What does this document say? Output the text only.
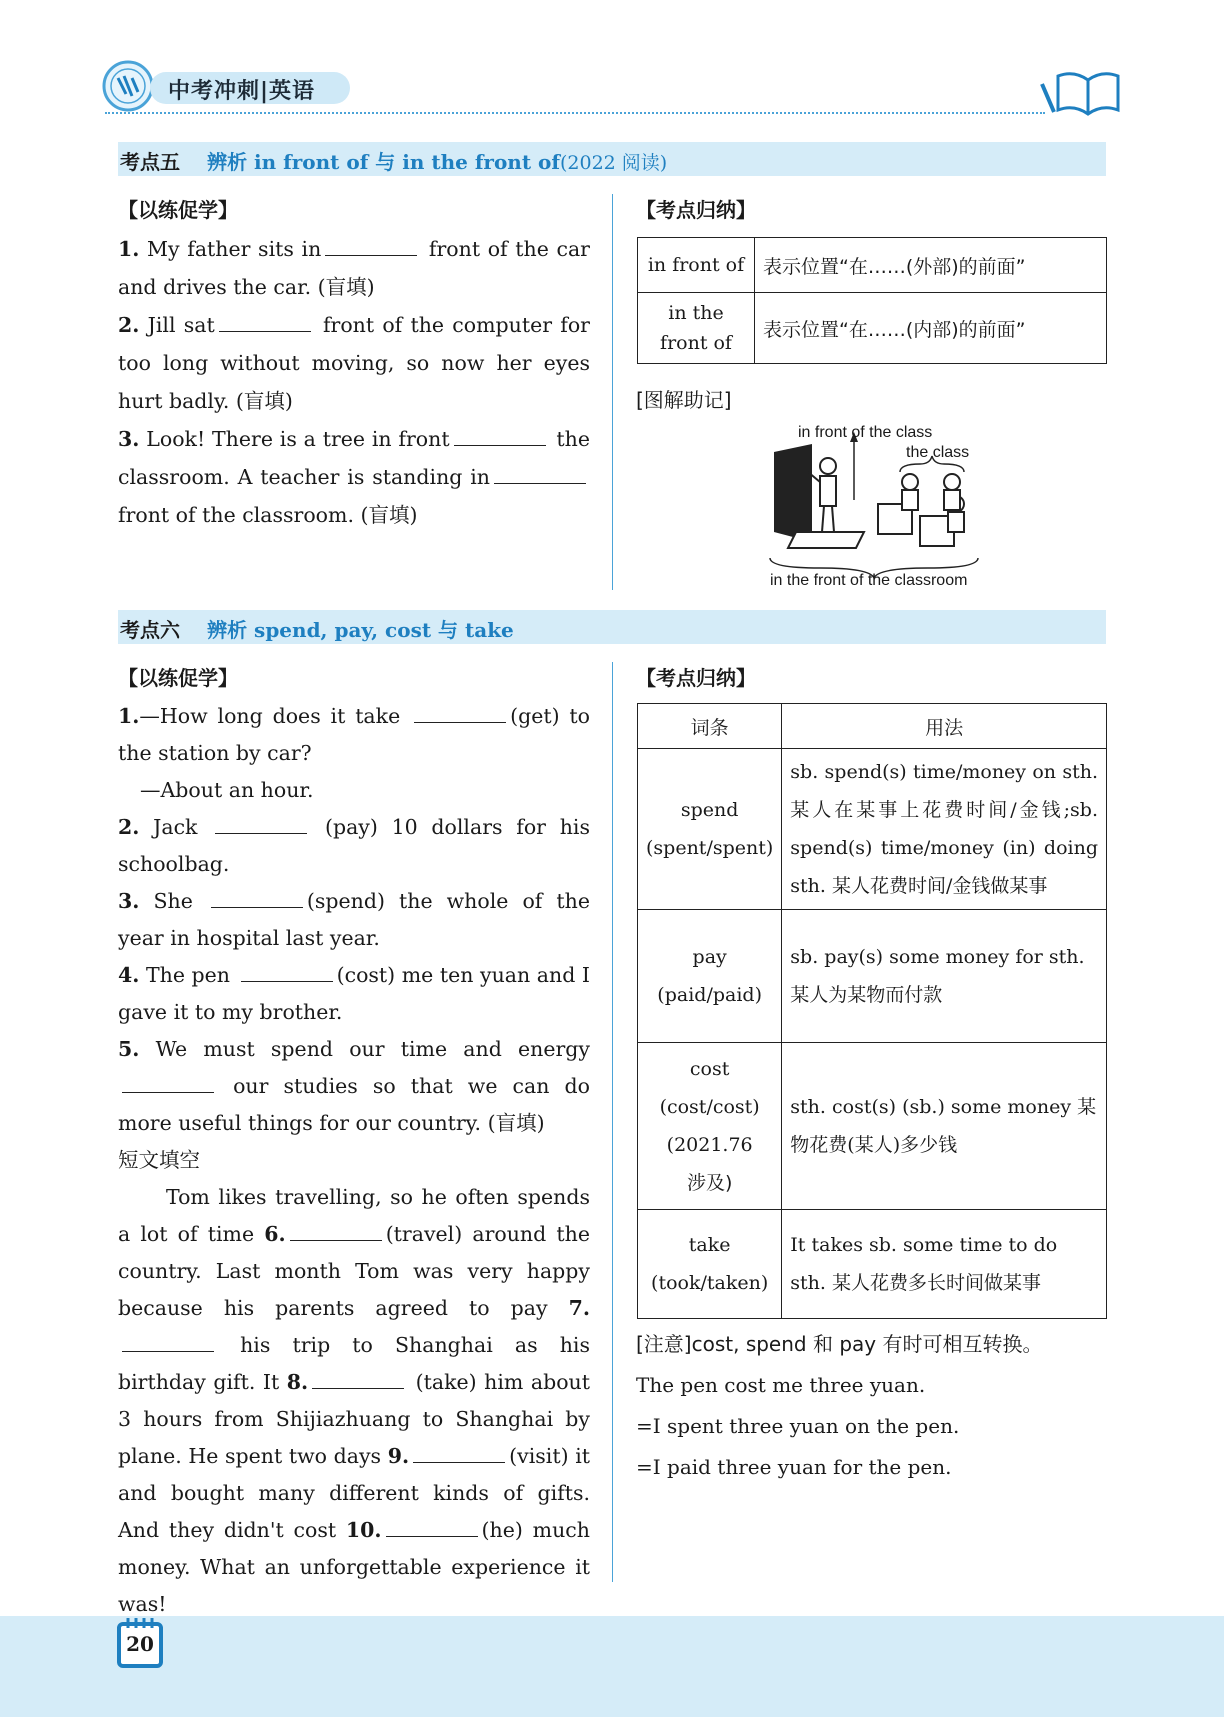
中考冲刺|英语
考点五 辨析 in front of 与 in the front of(2022 阅读)
【以练促学】
1. My father sits in	front of the car and drives the car. (盲填)
2. Jill sat	front of the computer for too long without moving, so now her eyes hurt badly. (盲填)
3. Look! There is a tree in front	the classroom. A teacher is standing in front of the classroom. (盲填)
【考点归纳】
in front of	表示位置“在……(外部)的前面”
in the front of	表示位置“在……(内部)的前面”
[图解助记]
in front of the class
the class
in the front of the classroom
考点六 辨析 spend, pay, cost 与 take
【以练促学】
1.—How long does it take	(get) to the station by car?
—About an hour.
2. Jack	(pay) 10 dollars for his schoolbag.
3. She	(spend) the whole of the year in hospital last year.
4. The pen	(cost) me ten yuan and I gave it to my brother.
5. We must spend our time and energy  our studies so that we can do more useful things for our country. (盲填)
短文填空
Tom likes travelling, so he often spends a lot of time 6.	(travel) around the country. Last month Tom was very happy because his parents agreed to pay 7. his trip to Shanghai as his birthday gift. It 8.	(take) him about 3 hours from Shijiazhuang to Shanghai by plane. He spent two days 9.	(visit) it and bought many different kinds of gifts. And they didn't cost 10.	(he) much money. What an unforgettable experience it was!
【考点归纳】
词条	用法

spend
(spent/spent)	sb. spend(s) time/money on sth. 某人在某事上花费时间/金钱;sb. spend(s) time/money (in) doing sth. 某人花费时间/金钱做某事

pay
(paid/paid)	sb. pay(s) some money for sth. 某人为某物而付款

cost
(cost/cost)
(2021.76
涉及)	sth. cost(s) (sb.) some money 某物花费(某人)多少钱

take
(took/taken)	It takes sb. some time to do sth. 某人花费多长时间做某事
[注意]cost, spend 和 pay 有时可相互转换。
The pen cost me three yuan.
=I spent three yuan on the pen.
=I paid three yuan for the pen.
20
